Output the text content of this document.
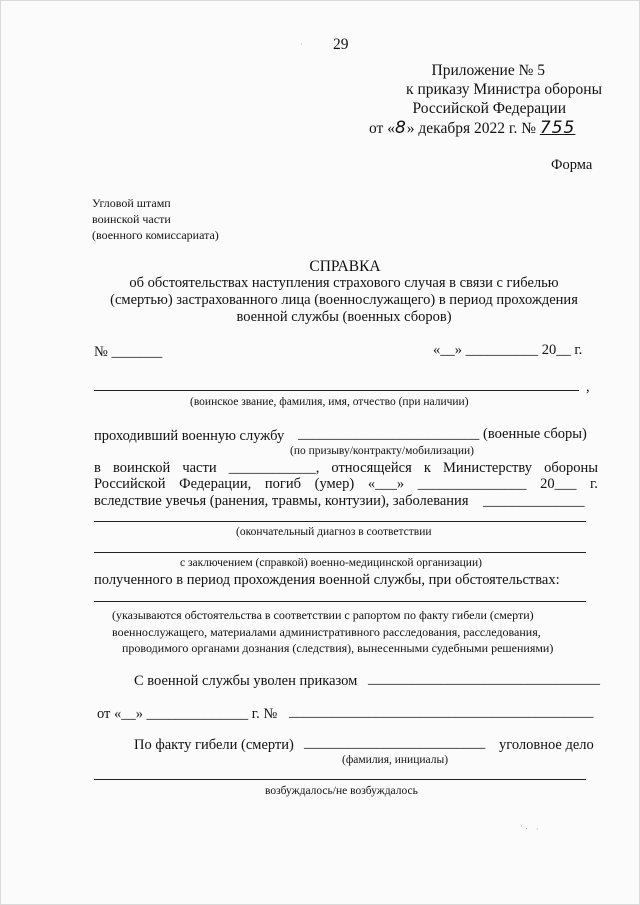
29
Приложение № 5
к приказу Министра обороны
Российской Федерации
от «8» декабря 2022 г. № 755
Форма
Угловой штамп
воинской части
(военного комиссариата)
СПРАВКА
об обстоятельствах наступления страхового случая в связи с гибелью
(смертью) застрахованного лица (военнослужащего) в период прохождения
военной службы (военных сборов)
№ _______	«__» __________ 20__ г.
,
(воинское звание, фамилия, имя, отчество (при наличии)
проходивший военную службу _________________________ (военные сборы)
(по призыву/контракту/мобилизации)
в воинской части ____________, относящейся к Министерству обороны
Российской Федерации, погиб (умер) «___» _______________ 20___ г.
вследствие увечья (ранения, травмы, контузии), заболевания ______________
(окончательный диагноз в соответствии
с заключением (справкой) военно-медицинской организации)
полученного в период прохождения военной службы, при обстоятельствах:
(указываются обстоятельства в соответствии с рапортом по факту гибели (смерти)
военнослужащего, материалами административного расследования, расследования,
проводимого органами дознания (следствия), вынесенными судебными решениями)
С военной службы уволен приказом ________________________________
от «__» ______________ г. № __________________________________________
По факту гибели (смерти) _________________________ уголовное дело
(фамилия, инициалы)
возбуждалось/не возбуждалось
·
· . ·
